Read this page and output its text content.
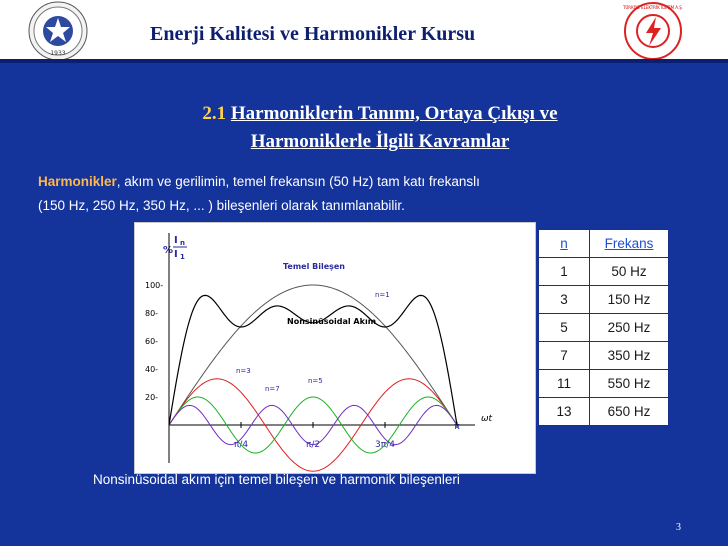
1933
Enerji Kalitesi ve Harmonikler Kursu
TÜRKİYE ELEKTRİK İLETİM A.Ş.
2.1 Harmoniklerin Tanımı, Ortaya Çıkışı ve
Harmoniklerle İlgili Kavramlar
Harmonikler, akım ve gerilimin, temel frekansın (50 Hz) tam katı frekanslı
(150 Hz, 250 Hz, 350 Hz, ... ) bileşenleri olarak tanımlanabilir.
%
I n
I 1
100-
80-
60-
40-
20-
π/4	π/2	3π/4
π
ωt
Temel Bileşen
Nonsinüsoidal Akım
n=1
n=3
n=5
n=7
n	Frekans
1	50 Hz
3	150 Hz
5	250 Hz
7	350 Hz
11	550 Hz
13	650 Hz
Nonsinüsoidal akım için temel bileşen ve harmonik bileşenleri
3
